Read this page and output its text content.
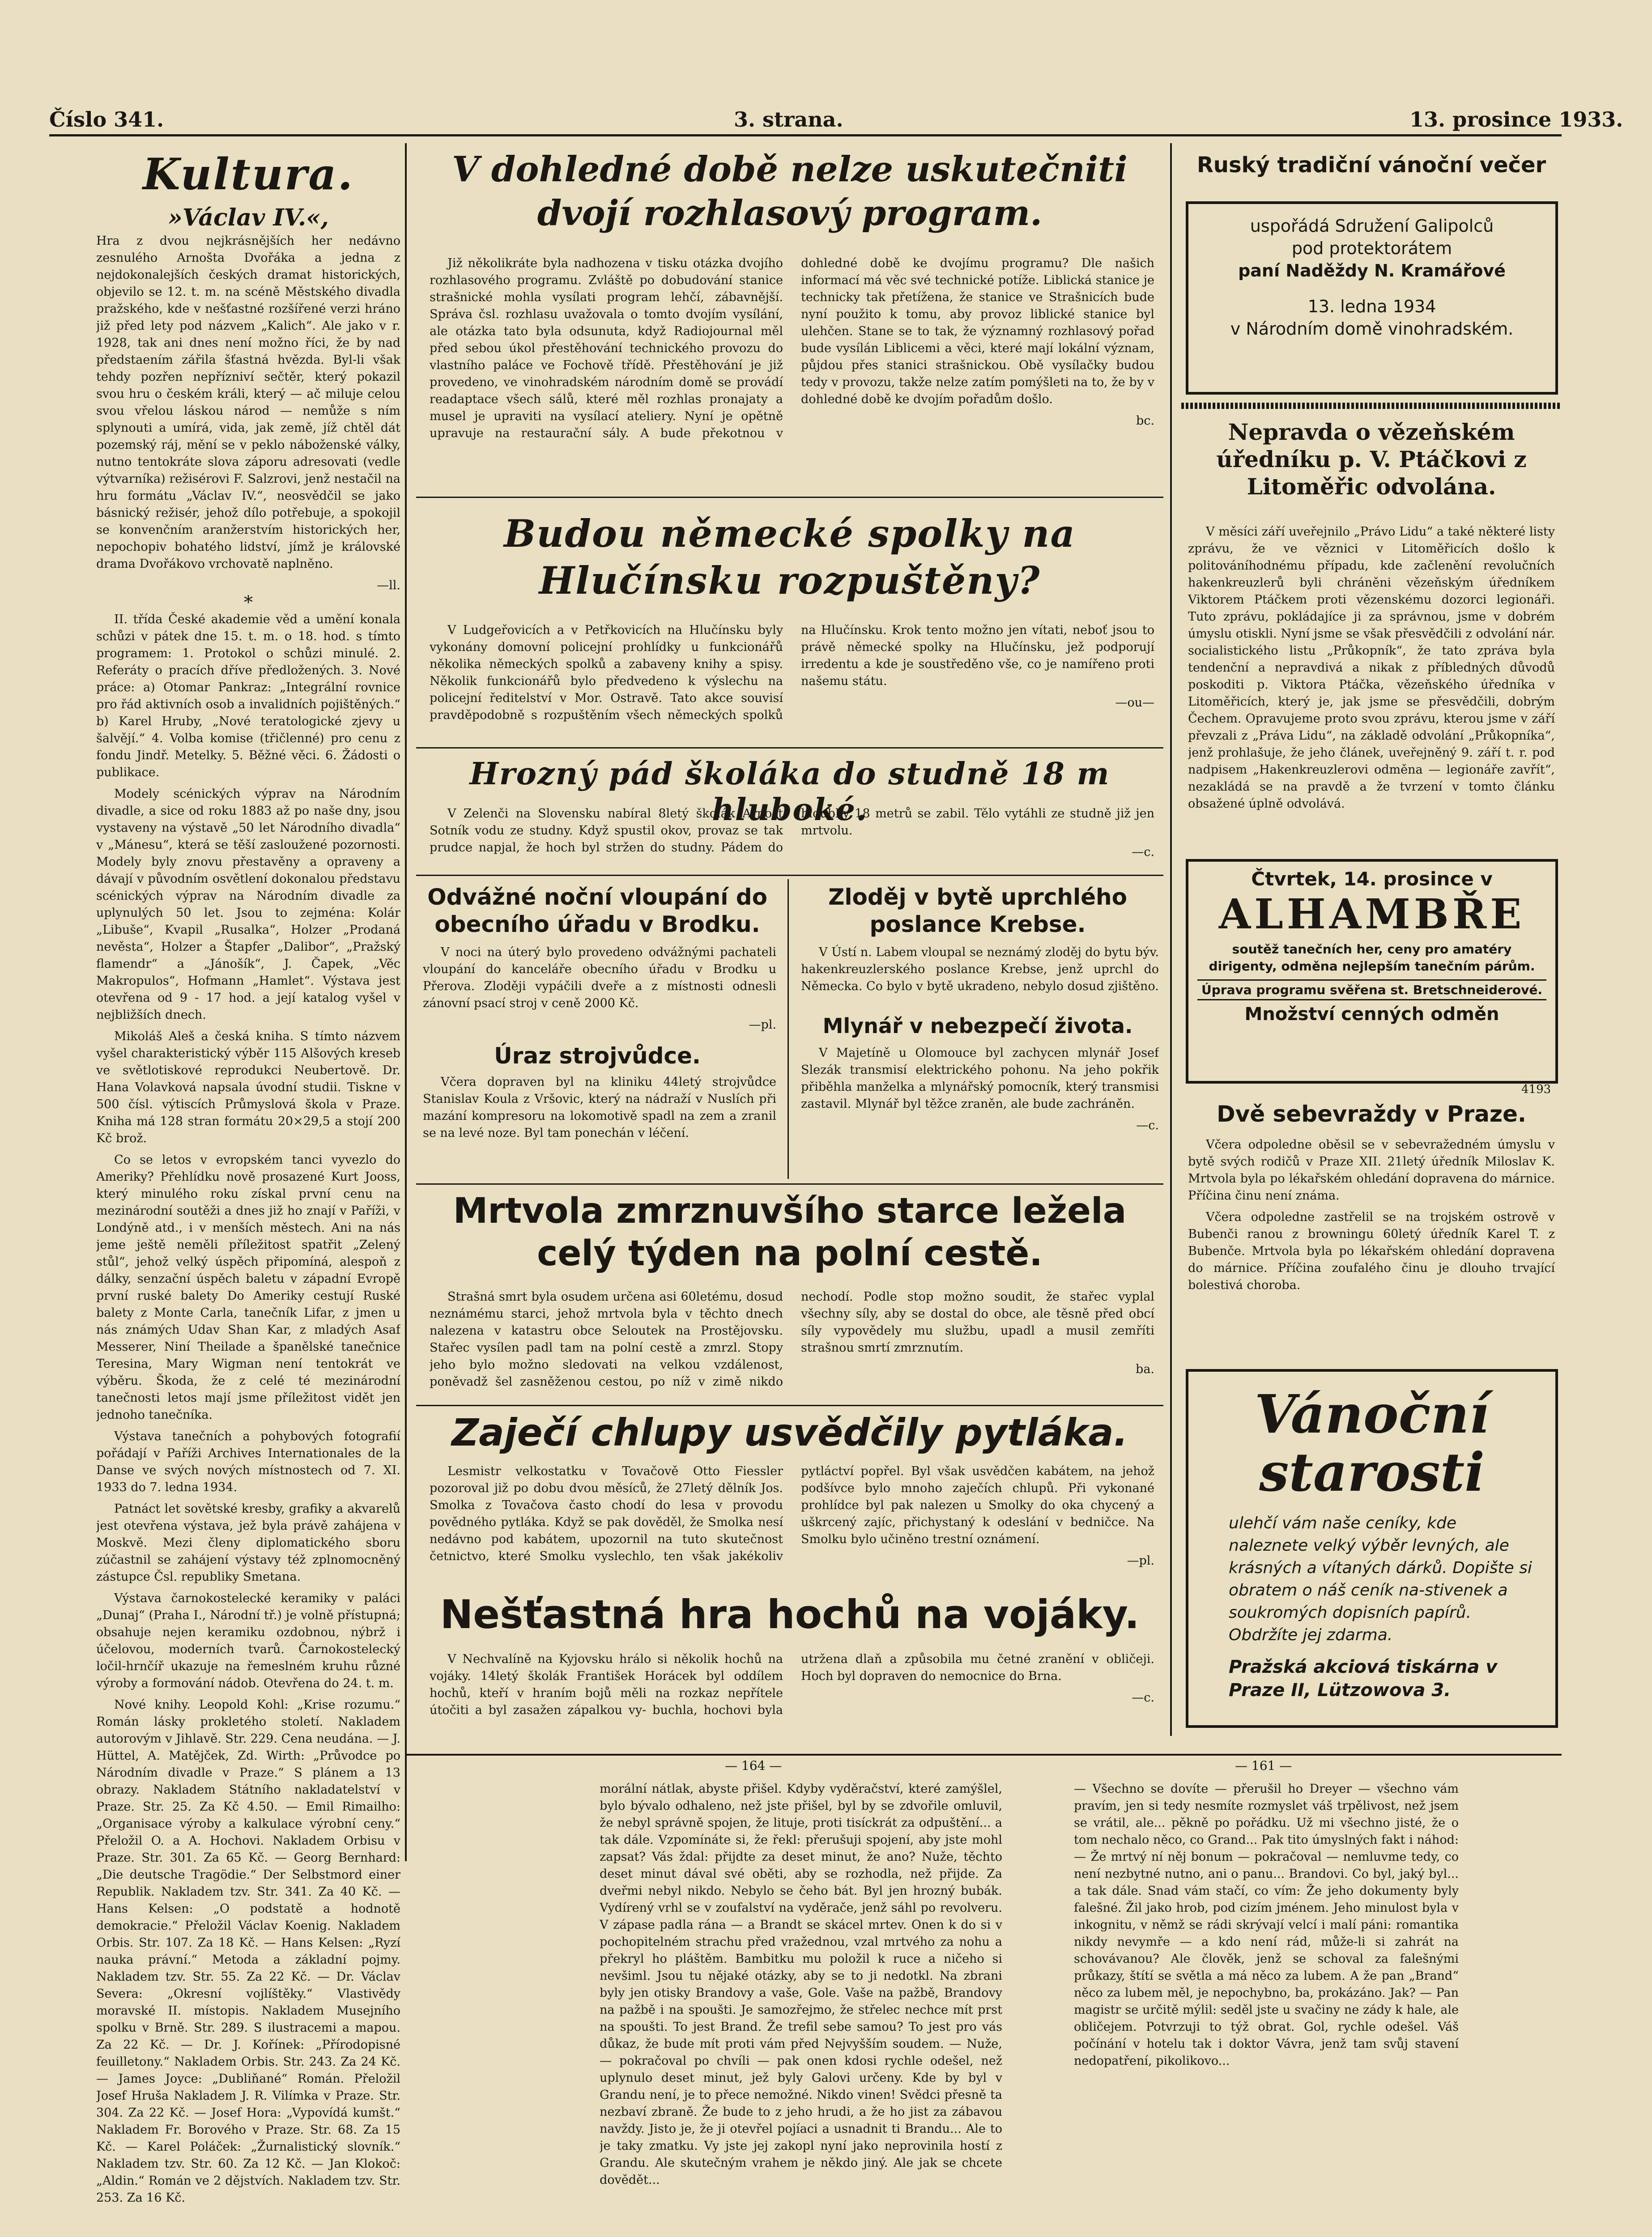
Číslo 341.	3. strana.	13. prosince 1933.
Kultura.
»Václav IV.«,

Hra z dvou nejkrásnějších her nedávno zesnulého Arnošta Dvořáka a jedna z nejdokonalejších českých dramat historických, objevilo se 12. t. m. na scéně Městského divadla pražského, kde v nešťastné rozšířené verzi hráno již před lety pod názvem „Kalich“. Ale jako v r. 1928, tak ani dnes není možno říci, že by nad předstaením zářila šťastná hvězda. Byl-li však tehdy pozřen nepřízniví sečtěr, který pokazil svou hru o českém králi, který — ač miluje celou svou vřelou láskou národ — nemůže s ním splynouti a umírá, vida, jak země, jíž chtěl dát pozemský ráj, mění se v peklo náboženské války, nutno tentokráte slova záporu adresovati (vedle výtvarníka) režisérovi F. Salzrovi, jenž nestačil na hru formátu „Václav IV.“, neosvědčil se jako básnický režisér, jehož dílo potřebuje, a spokojil se konvenčním aranžerstvím historických her, nepochopiv bohatého lidství, jímž je královské drama Dvořákovo vrchovatě naplněno.

—ll.
*

II. třída České akademie věd a umění konala schůzi v pátek dne 15. t. m. o 18. hod. s tímto programem: 1. Protokol o schůzi minulé. 2. Referáty o pracích dříve předložených. 3. Nové práce: a) Otomar Pankraz: „Integrální rovnice pro řád aktivních osob a invalidních pojištěných.“ b) Karel Hruby, „Nové teratologické zjevy u šalvějí.“ 4. Volba komise (třičlenné) pro cenu z fondu Jindř. Metelky. 5. Běžné věci. 6. Žádosti o publikace.

Modely scénických výprav na Národním divadle, a sice od roku 1883 až po naše dny, jsou vystaveny na výstavě „50 let Národního divadla“ v „Mánesu“, která se těší zasloužené pozornosti. Modely byly znovu přestavěny a opraveny a dávají v původním osvětlení dokonalou představu scénických výprav na Národním divadle za uplynulých 50 let. Jsou to zejména: Kolár „Libuše“, Kvapil „Rusalka“, Holzer „Prodaná nevěsta“, Holzer a Štapfer „Dalibor“, „Pražský flamendr“ a „Jánošík“, J. Čapek, „Věc Makropulos“, Hofmann „Hamlet“. Výstava jest otevřena od 9 - 17 hod. a její katalog vyšel v nejbližších dnech.

Mikoláš Aleš a česká kniha. S tímto názvem vyšel charakteristický výběr 115 Alšových kreseb ve světlotiskové reprodukci Neubertově. Dr. Hana Volavková napsala úvodní studii. Tiskne v 500 čísl. výtiscích Průmyslová škola v Praze. Kniha má 128 stran formátu 20×29,5 a stojí 200 Kč brož.

Co se letos v evropském tanci vyvezlo do Ameriky? Přehlídku nově prosazené Kurt Jooss, který minulého roku získal první cenu na mezinárodní soutěži a dnes již ho znají v Paříži, v Londýně atd., i v menších městech. Ani na nás jeme ještě neměli příležitost spatřit „Zelený stůl“, jehož velký úspěch připomíná, alespoň z dálky, senzační úspěch baletu v západní Evropě první ruské balety Do Ameriky cestují Ruské balety z Monte Carla, tanečník Lifar, z jmen u nás známých Udav Shan Kar, z mladých Asaf Messerer, Niní Theilade a španělské tanečnice Teresina, Mary Wigman není tentokrát ve výběru. Škoda, že z celé té mezinárodní tanečnosti letos mají jsme příležitost vidět jen jednoho tanečníka.

Výstava tanečních a pohybových fotografií pořádají v Paříži Archives Internationales de la Danse ve svých nových místnostech od 7. XI. 1933 do 7. ledna 1934.

Patnáct let sovětské kresby, grafiky a akvarelů jest otevřena výstava, jež byla právě zahájena v Moskvě. Mezi členy diplomatického sboru zúčastnil se zahájení výstavy též zplnomocněný zástupce Čsl. republiky Smetana.

Výstava čarnokostelecké keramiky v paláci „Dunaj“ (Praha I., Národní tř.) je volně přístupná; obsahuje nejen keramiku ozdobnou, nýbrž i účelovou, moderních tvarů. Čarnokostelecký ločil-hrnčíř ukazuje na řemeslném kruhu různé výroby a formování nádob. Otevřena do 24. t. m.

Nové knihy. Leopold Kohl: „Krise rozumu.“ Román lásky prokletého století. Nakladem autorovým v Jihlavě. Str. 229. Cena neudána. — J. Hüttel, A. Matějček, Zd. Wirth: „Průvodce po Národním divadle v Praze.“ S plánem a 13 obrazy. Nakladem Státního nakladatelství v Praze. Str. 25. Za Kč 4.50. — Emil Rimailho: „Organisace výroby a kalkulace výrobní ceny.“ Přeložil O. a A. Hochovi. Nakladem Orbisu v Praze. Str. 301. Za 65 Kč. — Georg Bernhard: „Die deutsche Tragödie.“ Der Selbstmord einer Republik. Nakladem tzv. Str. 341. Za 40 Kč. — Hans Kelsen: „O podstatě a hodnotě demokracie.“ Přeložil Václav Koenig. Nakladem Orbis. Str. 107. Za 18 Kč. — Hans Kelsen: „Ryzí nauka právní.“ Metoda a základní pojmy. Nakladem tzv. Str. 55. Za 22 Kč. — Dr. Václav Severa: „Okresní vojlíštěky.“ Vlastivědy moravské II. místopis. Nakladem Musejního spolku v Brně. Str. 289. S ilustracemi a mapou. Za 22 Kč. — Dr. J. Kořínek: „Přírodopisné feuilletony.“ Nakladem Orbis. Str. 243. Za 24 Kč. — James Joyce: „Dubliňané“ Román. Přeložil Josef Hruša Nakladem J. R. Vilímka v Praze. Str. 304. Za 22 Kč. — Josef Hora: „Vypovídá kumšt.“ Nakladem Fr. Borového v Praze. Str. 68. Za 15 Kč. — Karel Poláček: „Žurnalistický slovník.“ Nakladem tzv. Str. 60. Za 12 Kč. — Jan Klokoč: „Aldin.“ Román ve 2 dějstvích. Nakladem tzv. Str. 253. Za 16 Kč.

V dohledné době nelze uskutečniti dvojí rozhlasový program.

Již několikráte byla nadhozena v tisku otázka dvojího rozhlasového programu. Zvláště po dobudování stanice strašnické mohla vysílati program lehčí, zábavnější. Správa čsl. rozhlasu uvažovala o tomto dvojím vysílání, ale otázka tato byla odsunuta, když Radiojournal měl před sebou úkol přestěhování technického provozu do vlastního paláce ve Fochově třídě. Přestěhování je již provedeno, ve vinohradském národním domě se provádí readaptace všech sálů, které měl rozhlas pronajaty a musel je upraviti na vysílací ateliery. Nyní je opětně upravuje na restaurační sály. A bude překotnou v dohledné době ke dvojímu programu? Dle našich informací má věc své technické potíže. Liblická stanice je technicky tak přetížena, že stanice ve Strašnicích bude nyní použito k tomu, aby provoz liblické stanice byl ulehčen. Stane se to tak, že významný rozhlasový pořad bude vysílán Liblicemi a věci, které mají lokální význam, půjdou přes stanici strašnickou. Obě vysílačky budou tedy v provozu, takže nelze zatím pomýšleti na to, že by v dohledné době ke dvojím pořadům došlo.

bc.
Budou německé spolky na Hlučínsku rozpuštěny?

V Ludgeřovicích a v Petřkovicích na Hlučínsku byly vykonány domovní policejní prohlídky u funkcionářů několika německých spolků a zabaveny knihy a spisy. Několik funkcionářů bylo předvedeno k výslechu na policejní ředitelství v Mor. Ostravě. Tato akce souvisí pravděpodobně s rozpuštěním všech německých spolků na Hlučínsku. Krok tento možno jen vítati, neboť jsou to právě německé spolky na Hlučínsku, jež podporují irredentu a kde je soustředěno vše, co je namířeno proti našemu státu.

—ou—
Hrozný pád školáka do studně 18 m hluboké.

V Zelenči na Slovensku nabíral 8letý školák Arnošt Sotník vodu ze studny. Když spustil okov, provaz se tak prudce napjal, že hoch byl stržen do studny. Pádem do hloubky 18 metrů se zabil. Tělo vytáhli ze studně již jen mrtvolu.

—c.
Odvážné noční vloupání do obecního úřadu v Brodku.

V noci na úterý bylo provedeno odvážnými pachateli vloupání do kanceláře obecního úřadu v Brodku u Přerova. Zloději vypáčili dveře a z místnosti odnesli zánovní psací stroj v ceně 2000 Kč.

—pl.
Úraz strojvůdce.

Včera dopraven byl na kliniku 44letý strojvůdce Stanislav Koula z Vršovic, který na nádraží v Nuslích při mazání kompresoru na lokomotivě spadl na zem a zranil se na levé noze. Byl tam ponechán v léčení.

Zloděj v bytě uprchlého poslance Krebse.

V Ústí n. Labem vloupal se neznámý zloděj do bytu býv. hakenkreuzlerského poslance Krebse, jenž uprchl do Německa. Co bylo v bytě ukradeno, nebylo dosud zjištěno.

Mlynář v nebezpečí života.

V Majetíně u Olomouce byl zachycen mlynář Josef Slezák transmisí elektrického pohonu. Na jeho pokřik přiběhla manželka a mlynářský pomocník, který transmisi zastavil. Mlynář byl těžce zraněn, ale bude zachráněn.

—c.
Mrtvola zmrznuvšího starce ležela celý týden na polní cestě.

Strašná smrt byla osudem určena asi 60letému, dosud neznámému starci, jehož mrtvola byla v těchto dnech nalezena v katastru obce Seloutek na Prostějovsku. Stařec vysílen padl tam na polní cestě a zmrzl. Stopy jeho bylo možno sledovati na velkou vzdálenost, poněvadž šel zasněženou cestou, po níž v zimě nikdo nechodí. Podle stop možno soudit, že stařec vyplal všechny síly, aby se dostal do obce, ale těsně před obcí síly vypovědely mu službu, upadl a musil zemříti strašnou smrtí zmrznutím.

ba.
Zaječí chlupy usvědčily pytláka.

Lesmistr velkostatku v Tovačově Otto Fiessler pozoroval již po dobu dvou měsíců, že 27letý dělník Jos. Smolka z Tovačova často chodí do lesa v provodu povědného pytláka. Když se pak dověděl, že Smolka nesí nedávno pod kabátem, upozornil na tuto skutečnost četnictvo, které Smolku vyslechlo, ten však jakékoliv pytláctví popřel. Byl však usvědčen kabátem, na jehož podšívce bylo mnoho zaječích chlupů. Při vykonané prohlídce byl pak nalezen u Smolky do oka chycený a uškrcený zajíc, přichystaný k odeslání v bedničce. Na Smolku bylo učiněno trestní oznámení.

—pl.
Nešťastná hra hochů na vojáky.

V Nechvalíně na Kyjovsku hrálo si několik hochů na vojáky. 14letý školák František Horácek byl oddílem hochů, kteří v hraním bojů měli na rozkaz nepřítele útočiti a byl zasažen zápalkou vy- buchla, hochovi byla utržena dlaň a způsobila mu četné zranění v obličeji. Hoch byl dopraven do nemocnice do Brna.

—c.
Ruský tradiční vánoční večer
uspořádá Sdružení Galipolců
pod protektorátem
paní Naděždy N. Kramářové
13. ledna 1934
v Národním domě vinohradském.
Nepravda o vězeňském úředníku p. V. Ptáčkovi z Litoměřic odvolána.

V měsíci září uveřejnilo „Právo Lidu“ a také některé listy zprávu, že ve věznici v Litoměřicích došlo k politováníhodnému případu, kde začlenění revolučních hakenkreuzlerů byli chráněni vězeňským úředníkem Viktorem Ptáčkem proti vězenskému dozorci legionáři. Tuto zprávu, pokládajíce ji za správnou, jsme v dobrém úmyslu otiskli. Nyní jsme se však přesvědčili z odvolání nár. socialistického listu „Průkopník“, že tato zpráva byla tendenční a nepravdivá a nikak z příbledných důvodů poskoditi p. Viktora Ptáčka, vězeňského úředníka v Litoměřicích, který je, jak jsme se přesvědčili, dobrým Čechem. Opravujeme proto svou zprávu, kterou jsme v září převzali z „Práva Lidu“, na základě odvolání „Průkopníka“, jenž prohlašuje, že jeho článek, uveřejněný 9. září t. r. pod nadpisem „Hakenkreuzlerovi odměna — legionáře zavřít“, nezakládá se na pravdě a že tvrzení v tomto článku obsažené úplně odvolává.

Čtvrtek, 14. prosince v
ALHAMBŘE
soutěž tanečních her, ceny pro amatéry dirigenty, odměna nejlepším tanečním párům.
Úprava programu svěřena st. Bretschneiderové.
Množství cenných odměn
4193
Dvě sebevraždy v Praze.

Včera odpoledne oběsil se v sebevražedném úmyslu v bytě svých rodičů v Praze XII. 21letý úředník Miloslav K. Mrtvola byla po lékařském ohledání dopravena do márnice. Příčina činu není známa.

Včera odpoledne zastřelil se na trojském ostrově v Bubenči ranou z browningu 60letý úředník Karel T. z Bubenče. Mrtvola byla po lékařském ohledání dopravena do márnice. Příčina zoufalého činu je dlouho trvající bolestivá choroba.

Vánoční
starosti
ulehčí vám naše ceníky, kde naleznete velký výběr levných, ale krásných a vítaných dárků. Dopište si obratem o náš ceník na-stivenek a soukromých dopisních papírů. Obdržíte jej zdarma.
Pražská akciová tiskárna v Praze II, Lützowova 3.
— 164 —	— 161 —

morální nátlak, abyste přišel. Kdyby vyděračství, které zamýšlel, bylo bývalo odhaleno, než jste přišel, byl by se zdvořile omluvil, že nebyl správně spojen, že lituje, proti tisíckrát za odpuštění... a tak dále. Vzpomínáte si, že řekl: přerušuji spojení, aby jste mohl zapsat? Vás ždal: přijdte za deset minut, že ano? Nuže, těchto deset minut dával své oběti, aby se rozhodla, než přijde. Za dveřmi nebyl nikdo. Nebylo se čeho bát. Byl jen hrozný bubák. Vydírený vrhl se v zoufalství na vyděrače, jenž sáhl po revolveru. V zápase padla rána — a Brandt se skácel mrtev. Onen k do si v pochopitelném strachu před vražednou, vzal mrtvého za nohu a překryl ho pláštěm. Bambitku mu položil k ruce a ničeho si nevšiml. Jsou tu nějaké otázky, aby se to ji nedotkl. Na zbrani byly jen otisky Brandovy a vaše, Gole. Vaše na pažbě, Brandovy na pažbě i na spoušti. Je samozřejmo, že střelec nechce mít prst na spoušti. To jest Brand. Že trefil sebe samou? To jest pro vás důkaz, že bude mít proti vám před Nejvyšším soudem. — Nuže, — pokračoval po chvíli — pak onen kdosi rychle odešel, než uplynulo deset minut, jež byly Galovi určeny. Kde by byl v Grandu není, je to přece nemožné. Nikdo vinen! Svědci přesně ta nezbaví zbraně. Že bude to z jeho hrudi, a že ho jist za zábavou navždy. Jisto je, že ji otevřel pojíaci a usnadnit ti Brandu... Ale to je taky zmatku. Vy jste jej zakopl nyní jako neprovinila hostí z Grandu. Ale skutečným vrahem je někdo jiný. Ale jak se chcete dovědět...

— Všechno se dovíte — přerušil ho Dreyer — všechno vám pravím, jen si tedy nesmíte rozmyslet váš trpělivost, než jsem se vrátil, ale... pěkně po pořádku. Už mi všechno jisté, že o tom nechalo něco, co Grand... Pak tito úmyslných fakt i náhod: — Že mrtvý ní něj bonum — pokračoval — nemluvme tedy, co není nezbytné nutno, ani o panu... Brandovi. Co byl, jaký byl... a tak dále. Snad vám stačí, co vím: Že jeho dokumenty byly falešné. Žil jako hrob, pod cizím jménem. Jeho minulost byla v inkognitu, v němž se rádi skrývají velcí i malí páni: romantika nikdy nevymře — a kdo není rád, může-li si zahrát na schovávanou? Ale člověk, jenž se schoval za falešnými průkazy, štítí se světla a má něco za lubem. A že pan „Brand“ něco za lubem měl, je nepochybno, ba, prokázáno. Jak? — Pan magistr se určitě mýlil: seděl jste u svačiny ne zády k hale, ale obličejem. Potvrzuji to týž obrat. Gol, rychle odešel. Váš počínání v hotelu tak i doktor Vávra, jenž tam svůj stavení nedopatření, pikolikovo...
